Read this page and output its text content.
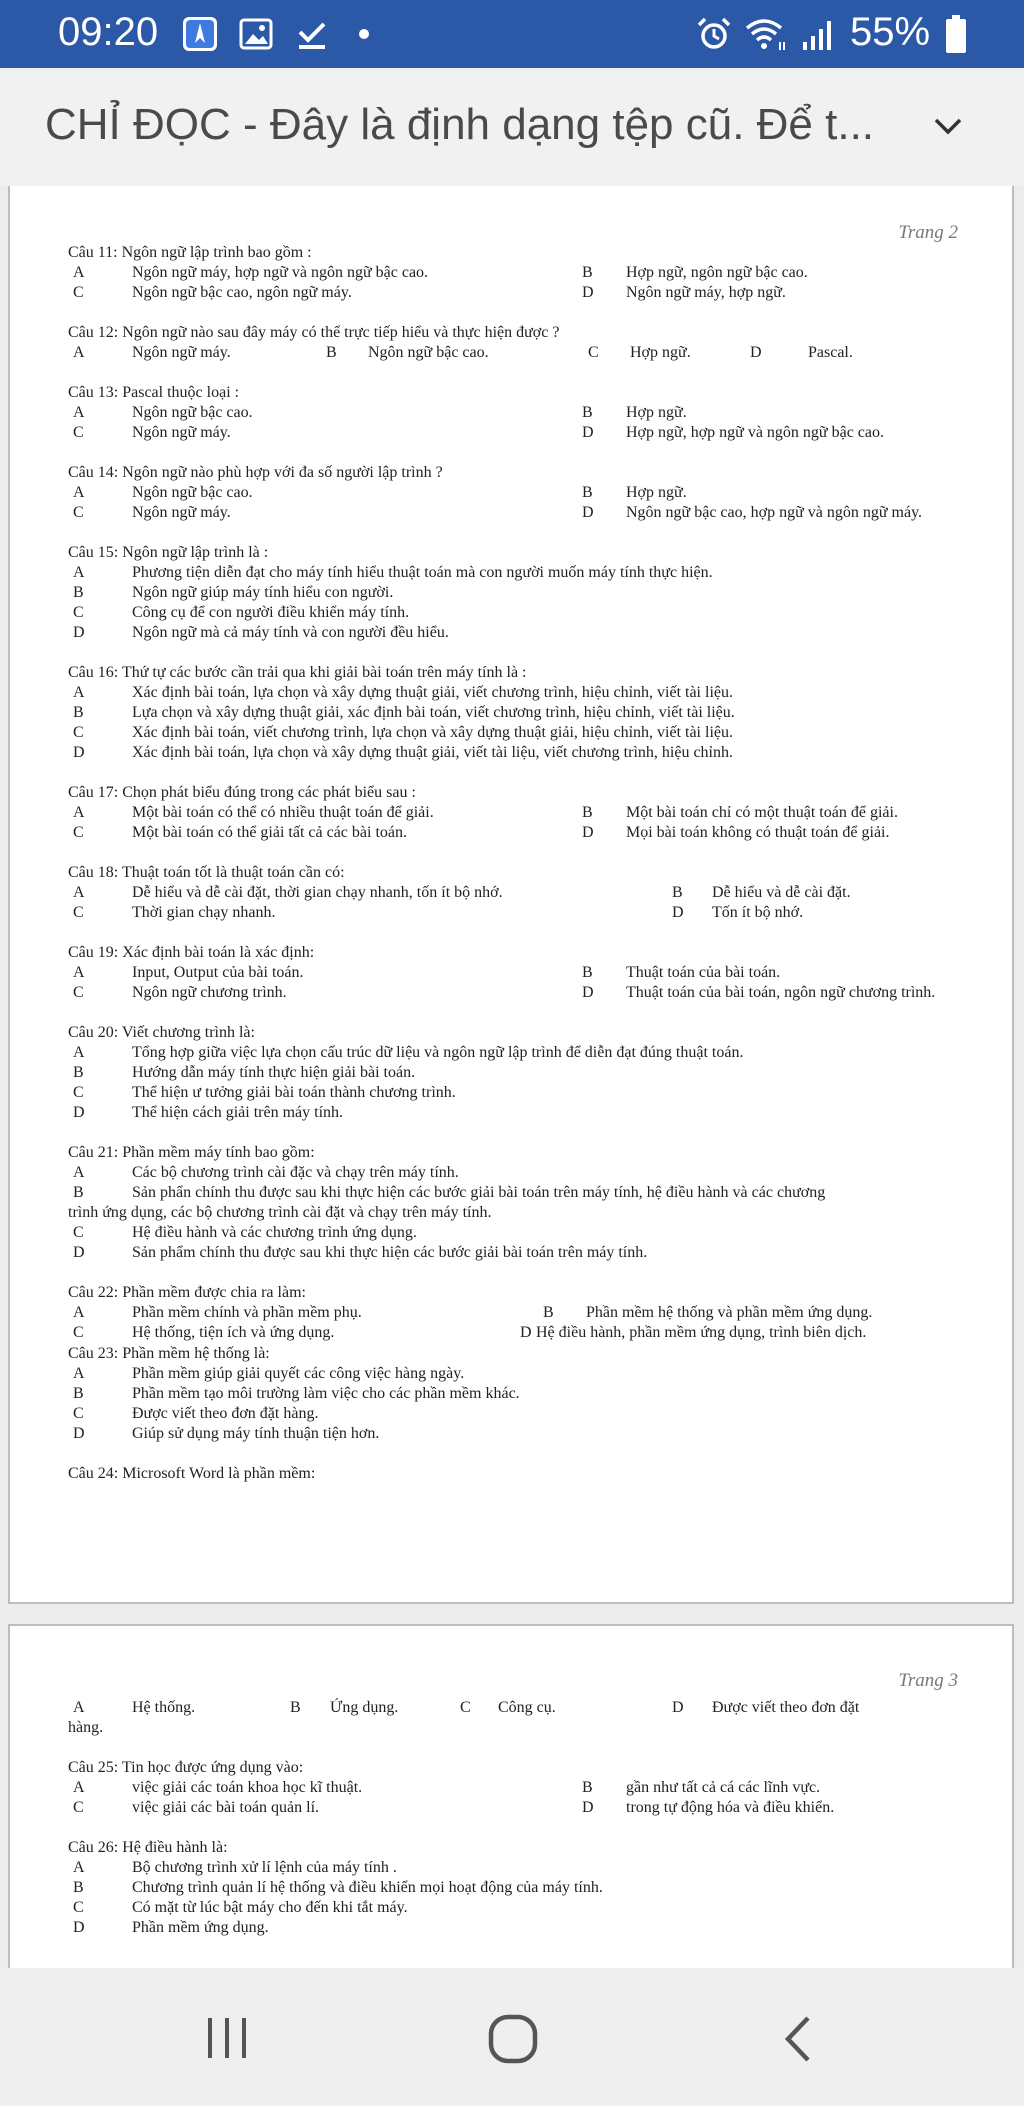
09:20	55%
CHỈ ĐỌC - Đây là định dạng tệp cũ. Để t...
Trang 2
Câu 11: Ngôn ngữ lập trình bao gồm :
A	Ngôn ngữ máy, hợp ngữ và ngôn ngữ bậc cao.	B Hợp ngữ, ngôn ngữ bậc cao.
C	Ngôn ngữ bậc cao, ngôn ngữ máy.	D Ngôn ngữ máy, hợp ngữ.
Câu 12: Ngôn ngữ nào sau đây máy có thể trực tiếp hiểu và thực hiện được ?
A	Ngôn ngữ máy.	B Ngôn ngữ bậc cao.	C Hợp ngữ.	D	Pascal.
Câu 13: Pascal thuộc loại :
A	Ngôn ngữ bậc cao.	B Hợp ngữ.
C	Ngôn ngữ máy.	D Hợp ngữ, hợp ngữ và ngôn ngữ bậc cao.
Câu 14: Ngôn ngữ nào phù hợp với đa số người lập trình ?
A	Ngôn ngữ bậc cao.	B Hợp ngữ.
C	Ngôn ngữ máy.	D Ngôn ngữ bậc cao, hợp ngữ và ngôn ngữ máy.
Câu 15: Ngôn ngữ lập trình là :
A	Phương tiện diễn đạt cho máy tính hiểu thuật toán mà con người muốn máy tính thực hiện.
B	Ngôn ngữ giúp máy tính hiểu con người.
C	Công cụ để con người điều khiển máy tính.
D	Ngôn ngữ mà cả máy tính và con người đều hiểu.
Câu 16: Thứ tự các bước cần trải qua khi giải bài toán trên máy tính là :
A	Xác định bài toán, lựa chọn và xây dựng thuật giải, viết chương trình, hiệu chỉnh, viết tài liệu.
B	Lựa chọn và xây dựng thuật giải, xác định bài toán, viết chương trình, hiệu chỉnh, viết tài liệu.
C	Xác định bài toán, viết chương trình, lựa chọn và xây dựng thuật giải, hiệu chỉnh, viết tài liệu.
D	Xác định bài toán, lựa chọn và xây dựng thuật giải, viết tài liệu, viết chương trình, hiệu chỉnh.
Câu 17: Chọn phát biểu đúng trong các phát biểu sau :
A	Một bài toán có thể có nhiều thuật toán để giải.	B Một bài toán chỉ có một thuật toán để giải.
C	Một bài toán có thể giải tất cả các bài toán.	D Mọi bài toán không có thuật toán để giải.
Câu 18: Thuật toán tốt là thuật toán cần có:
A	Dễ hiểu và dễ cài đặt, thời gian chạy nhanh, tốn ít bộ nhớ.	B Dễ hiểu và dễ cài đặt.
C	Thời gian chạy nhanh.	D Tốn ít bộ nhớ.
Câu 19: Xác định bài toán là xác định:
A	Input, Output của bài toán.	B Thuật toán của bài toán.
C	Ngôn ngữ chương trình.	D Thuật toán của bài toán, ngôn ngữ chương trình.
Câu 20: Viết chương trình là:
A	Tổng hợp giữa việc lựa chọn cấu trúc dữ liệu và ngôn ngữ lập trình để diễn đạt đúng thuật toán.
B	Hướng dẫn máy tính thực hiện giải bài toán.
C	Thể hiện ư tưởng giải bài toán thành chương trình.
D	Thể hiện cách giải trên máy tính.
Câu 21: Phần mềm máy tính bao gồm:
A	Các bộ chương trình cài đặc và chạy trên máy tính.
B	Sản phẩn chính thu được sau khi thực hiện các bước giải bài toán trên máy tính, hệ điều hành và các chương
trình ứng dụng, các bộ chương trình cài đặt và chạy trên máy tính.
C	Hệ điều hành và các chương trình ứng dụng.
D	Sản phẩm chính thu được sau khi thực hiện các bước giải bài toán trên máy tính.
Câu 22: Phần mềm được chia ra làm:
A	Phần mềm chính và phần mềm phụ.	B Phần mềm hệ thống và phần mềm ứng dụng.
C	Hệ thống, tiện ích và ứng dụng.	D Hệ điều hành, phần mềm ứng dụng, trình biên dịch.
Câu 23: Phần mềm hệ thống là:
A	Phần mềm giúp giải quyết các công việc hàng ngày.
B	Phần mềm tạo môi trường làm việc cho các phần mềm khác.
C	Được viết theo đơn đặt hàng.
D	Giúp sử dụng máy tính thuận tiện hơn.
Câu 24: Microsoft Word là phần mềm:
Trang 3
A	Hệ thống.	B Ứng dụng.	C Công cụ.	D Được viết theo đơn đặt
hàng.
Câu 25: Tin học được ứng dụng vào:
A	việc giải các toán khoa học kĩ thuật.	B gần như tất cả cá các lĩnh vực.
C	việc giải các bài toán quản lí.	D trong tự động hóa và điều khiển.
Câu 26: Hệ điều hành là:
A	Bộ chương trình xử lí lệnh của máy tính .
B	Chương trình quản lí hệ thống và điều khiển mọi hoạt động của máy tính.
C	Có mặt từ lúc bật máy cho đến khi tắt máy.
D	Phần mềm ứng dụng.
